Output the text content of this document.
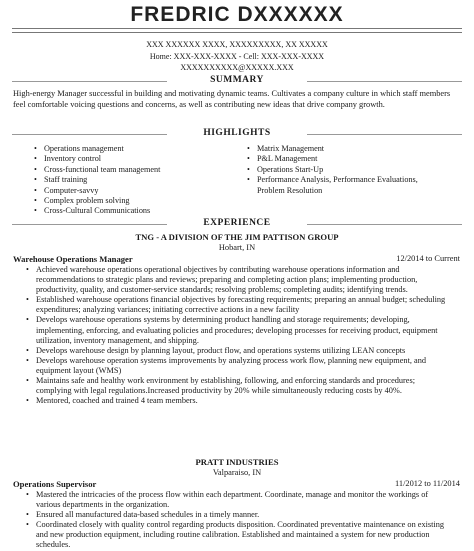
FREDRIC DXXXXXX
XXX XXXXXX XXXX, XXXXXXXXX, XX XXXXX
Home: XXX-XXX-XXXX - Cell: XXX-XXX-XXXX
XXXXXXXXXX@XXXXX.XXX
SUMMARY
High-energy Manager successful in building and motivating dynamic teams. Cultivates a company culture in which staff members feel comfortable voicing questions and concerns, as well as contributing new ideas that drive company growth.
HIGHLIGHTS
• Operations management
• Inventory control
• Cross-functional team management
• Staff training
• Computer-savvy
• Complex problem solving
• Cross-Cultural Communications
• Matrix Management
• P&L Management
• Operations Start-Up
• Performance Analysis, Performance Evaluations, Problem Resolution
EXPERIENCE
TNG - A DIVISION OF THE JIM PATTISON GROUP
Hobart, IN
Warehouse Operations Manager	12/2014 to Current
• Achieved warehouse operations operational objectives by contributing warehouse operations information and recommendations to strategic plans and reviews; preparing and completing action plans; implementing production, productivity, quality, and customer-service standards; resolving problems; completing audits; identifying trends.
• Established warehouse operations financial objectives by forecasting requirements; preparing an annual budget; scheduling expenditures; analyzing variances; initiating corrective actions in a new facility
• Develops warehouse operations systems by determining product handling and storage requirements; developing, implementing, enforcing, and evaluating policies and procedures; developing processes for receiving product, equipment utilization, inventory management, and shipping.
• Develops warehouse design by planning layout, product flow, and operations systems utilizing LEAN concepts
• Develops warehouse operation systems improvements by analyzing process work flow, planning new equipment, and equipment layout (WMS)
• Maintains safe and healthy work environment by establishing, following, and enforcing standards and procedures; complying with legal regulations.Increased productivity by 20% while simultaneously reducing costs by 40%.
• Mentored, coached and trained 4 team members.
PRATT INDUSTRIES
Valparaiso, IN
Operations Supervisor	11/2012 to 11/2014
• Mastered the intricacies of the process flow within each department. Coordinate, manage and monitor the workings of various departments in the organization.
• Ensured all manufactured data-based schedules in a timely manner.
• Coordinated closely with quality control regarding products disposition. Coordinated preventative maintenance on existing and new production equipment, including routine calibration. Established and maintained a system for new production schedules.
